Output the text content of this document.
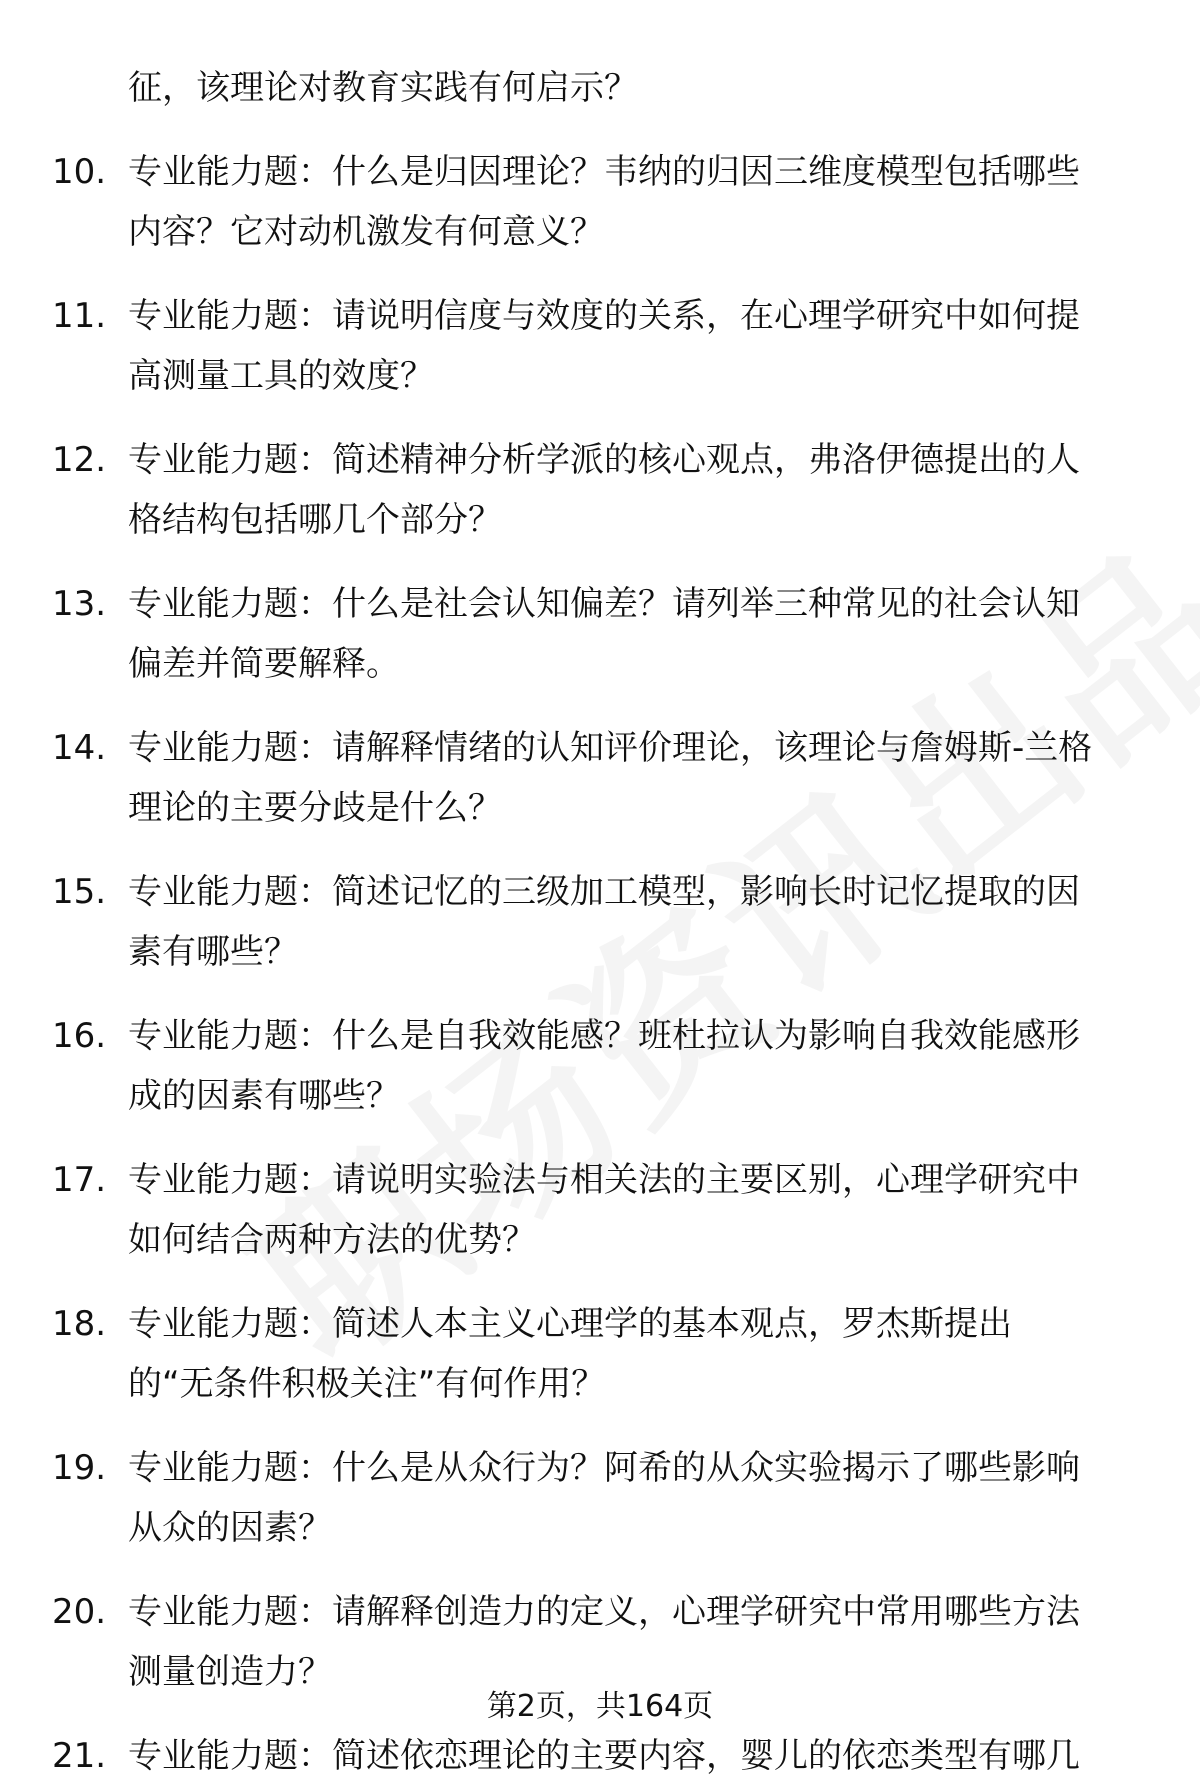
征，该理论对教育实践有何启示？
10. 专业能力题：什么是归因理论？韦纳的归因三维度模型包括哪些
内容？它对动机激发有何意义？
11. 专业能力题：请说明信度与效度的关系，在心理学研究中如何提
高测量工具的效度？
12. 专业能力题：简述精神分析学派的核心观点，弗洛伊德提出的人
格结构包括哪几个部分？
13. 专业能力题：什么是社会认知偏差？请列举三种常见的社会认知
偏差并简要解释。
14. 专业能力题：请解释情绪的认知评价理论，该理论与詹姆斯-兰格
理论的主要分歧是什么？
15. 专业能力题：简述记忆的三级加工模型，影响长时记忆提取的因
素有哪些？
16. 专业能力题：什么是自我效能感？班杜拉认为影响自我效能感形
成的因素有哪些？
17. 专业能力题：请说明实验法与相关法的主要区别，心理学研究中
如何结合两种方法的优势？
18. 专业能力题：简述人本主义心理学的基本观点，罗杰斯提出
的“无条件积极关注”有何作用？
19. 专业能力题：什么是从众行为？阿希的从众实验揭示了哪些影响
从众的因素？
20. 专业能力题：请解释创造力的定义，心理学研究中常用哪些方法
测量创造力？
21. 专业能力题：简述依恋理论的主要内容，婴儿的依恋类型有哪几
第2页，共164页
